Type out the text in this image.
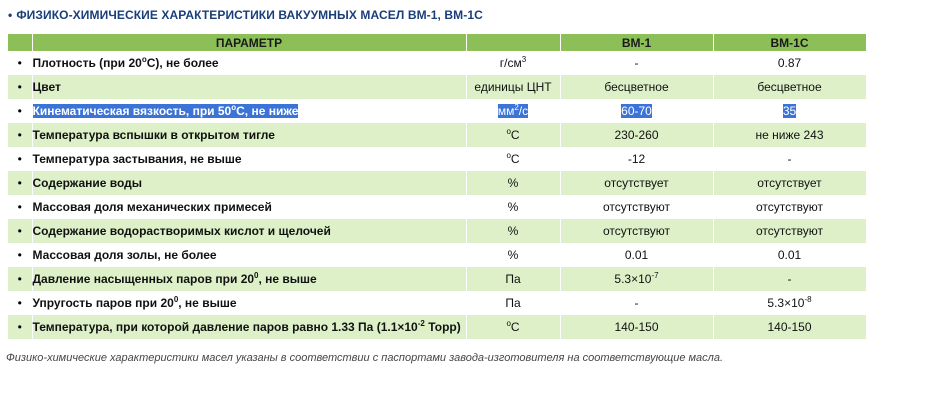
• ФИЗИКО-ХИМИЧЕСКИЕ ХАРАКТЕРИСТИКИ ВАКУУМНЫХ МАСЕЛ ВМ-1, ВМ-1С
	ПАРАМЕТР		ВМ-1	ВМ-1С
•	Плотность (при $20^оС$), не более	$г/см^3$	-	0.87
•	Цвет	единицы ЦНТ	бесцветное	бесцветное
•	Кинематическая вязкость, при $50^оС$, не ниже	$мм^2/с$	60-70	35
•	Температура вспышки в открытом тигле	$^о$С	230-260	не ниже 243
•	Температура застывания, не выше	$^о$С	-12	-
•	Содержание воды	%	отсутствует	отсутствует
•	Массовая доля механических примесей	%	отсутствуют	отсутствуют
•	Содержание водорастворимых кислот и щелочей	%	отсутствуют	отсутствуют
•	Массовая доля золы, не более	%	0.01	0.01
•	Давление насыщенных паров при $20^0$, не выше	Па	$5.3\times 10^{-7}$	-
•	Упругость паров при $20^0$, не выше	Па	-	$5.3\times 10^{-8}$
•	Температура, при которой давление паров равно 1.33 Па ($1.1\times 10^{-2}$ Торр)	$^о$С	140-150	140-150
Физико-химические характеристики масел указаны в соответствии с паспортами завода-изготовителя на соответствующие масла.
